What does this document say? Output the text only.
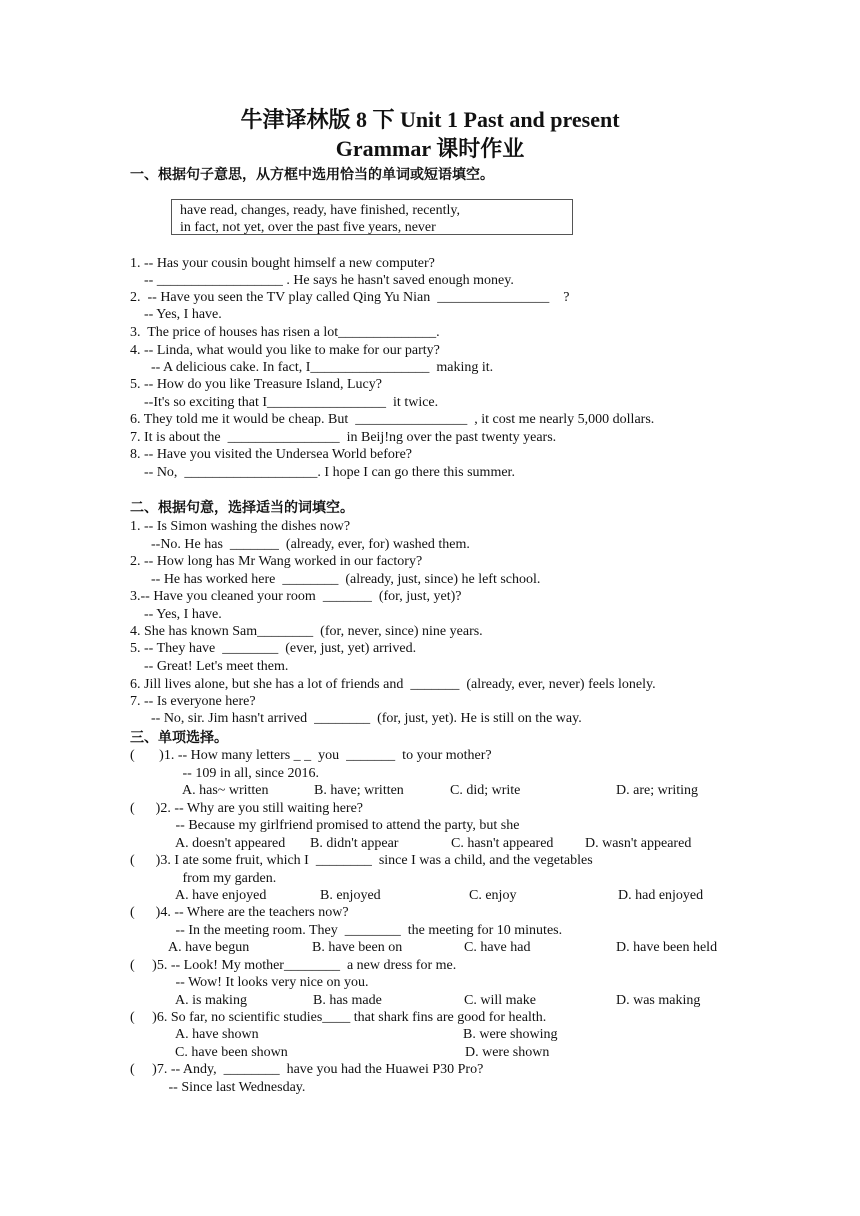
牛津译林版 8 下 Unit 1 Past and present
Grammar 课时作业
一、根据句子意思，从方框中选用恰当的单词或短语填空。
have read, changes, ready, have finished, recently,
in fact, not yet, over the past five years, never
1. -- Has your cousin bought himself a new computer?
-- __________________ . He says he hasn't saved enough money.
2.  -- Have you seen the TV play called Qing Yu Nian  ________________    ?
-- Yes, I have.
3.  The price of houses has risen a lot______________.
4. -- Linda, what would you like to make for our party?
-- A delicious cake. In fact, I_________________  making it.
5. -- How do you like Treasure Island, Lucy?
--It's so exciting that I_________________  it twice.
6. They told me it would be cheap. But  ________________  , it cost me nearly 5,000 dollars.
7. It is about the  ________________  in Beij!ng over the past twenty years.
8. -- Have you visited the Undersea World before?
-- No,  ___________________. I hope I can go there this summer.
二、根据句意，选择适当的词填空。
1. -- Is Simon washing the dishes now?
--No. He has  _______  (already, ever, for) washed them.
2. -- How long has Mr Wang worked in our factory?
-- He has worked here  ________  (already, just, since) he left school.
3.-- Have you cleaned your room  _______  (for, just, yet)?
-- Yes, I have.
4. She has known Sam________  (for, never, since) nine years.
5. -- They have  ________  (ever, just, yet) arrived.
-- Great! Let's meet them.
6. Jill lives alone, but she has a lot of friends and  _______  (already, ever, never) feels lonely.
7. -- Is everyone here?
-- No, sir. Jim hasn't arrived  ________  (for, just, yet). He is still on the way.
三、单项选择。
(       )1. -- How many letters _ _  you  _______  to your mother?
-- 109 in all, since 2016.
A. has~ written	B. have; written	C. did; write	D. are; writing
(      )2. -- Why are you still waiting here?
-- Because my girlfriend promised to attend the party, but she
A. doesn't appeared B. didn't appear	C. hasn't appeared D. wasn't appeared
(      )3. I ate some fruit, which I  ________  since I was a child, and the vegetables
from my garden.
A. have enjoyed	B. enjoyed	C. enjoy	D. had enjoyed
(      )4. -- Where are the teachers now?
-- In the meeting room. They  ________  the meeting for 10 minutes.
A. have begun	B. have been on	C. have had	D. have been held
(     )5. -- Look! My mother________  a new dress for me.
-- Wow! It looks very nice on you.
A. is making	B. has made	C. will make	D. was making
(     )6. So far, no scientific studies____ that shark fins are good for health.
A. have shown	B. were showing
C. have been shown	D. were shown
(     )7. -- Andy,  ________  have you had the Huawei P30 Pro?
-- Since last Wednesday.
